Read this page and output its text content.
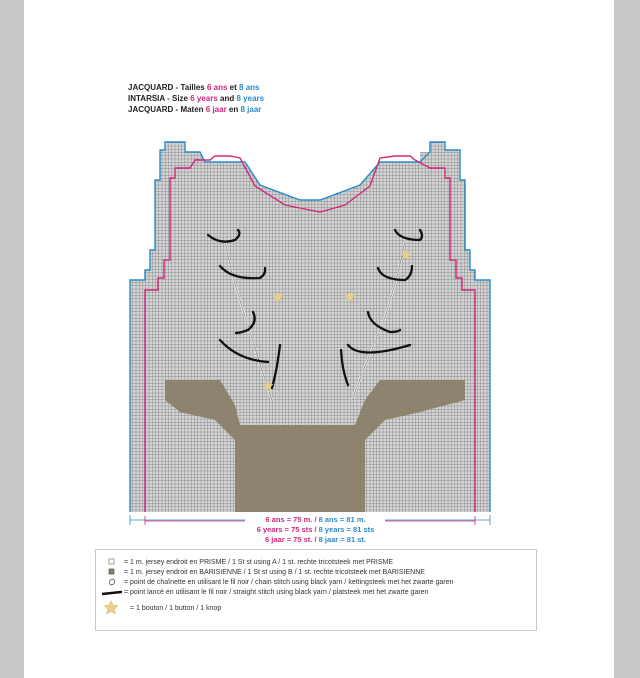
JACQUARD - Tailles 6 ans et 8 ans
INTARSIA - Size 6 years and 8 years
JACQUARD - Maten 6 jaar en 8 jaar
6 ans = 75 m. / 8 ans = 81 m.
6 years = 75 sts / 8 years = 81 sts
6 jaar = 75 st. / 8 jaar = 81 st.
= 1 m. jersey endroit en PRISME / 1 St st using A / 1 st. rechte tricotsteek met PRISME
= 1 m. jersey endroit en BARISIENNE / 1 St st using B / 1 st. rechte tricotsteek met BARISIENNE
= point de chaînette en utilisant le fil noir / chain stitch using black yarn / kettingsteek met het zwarte garen
= point lancé en utilisant le fil noir / straight stitch using black yarn / platsteek met het zwarte garen
= 1 bouton / 1 button / 1 knop
